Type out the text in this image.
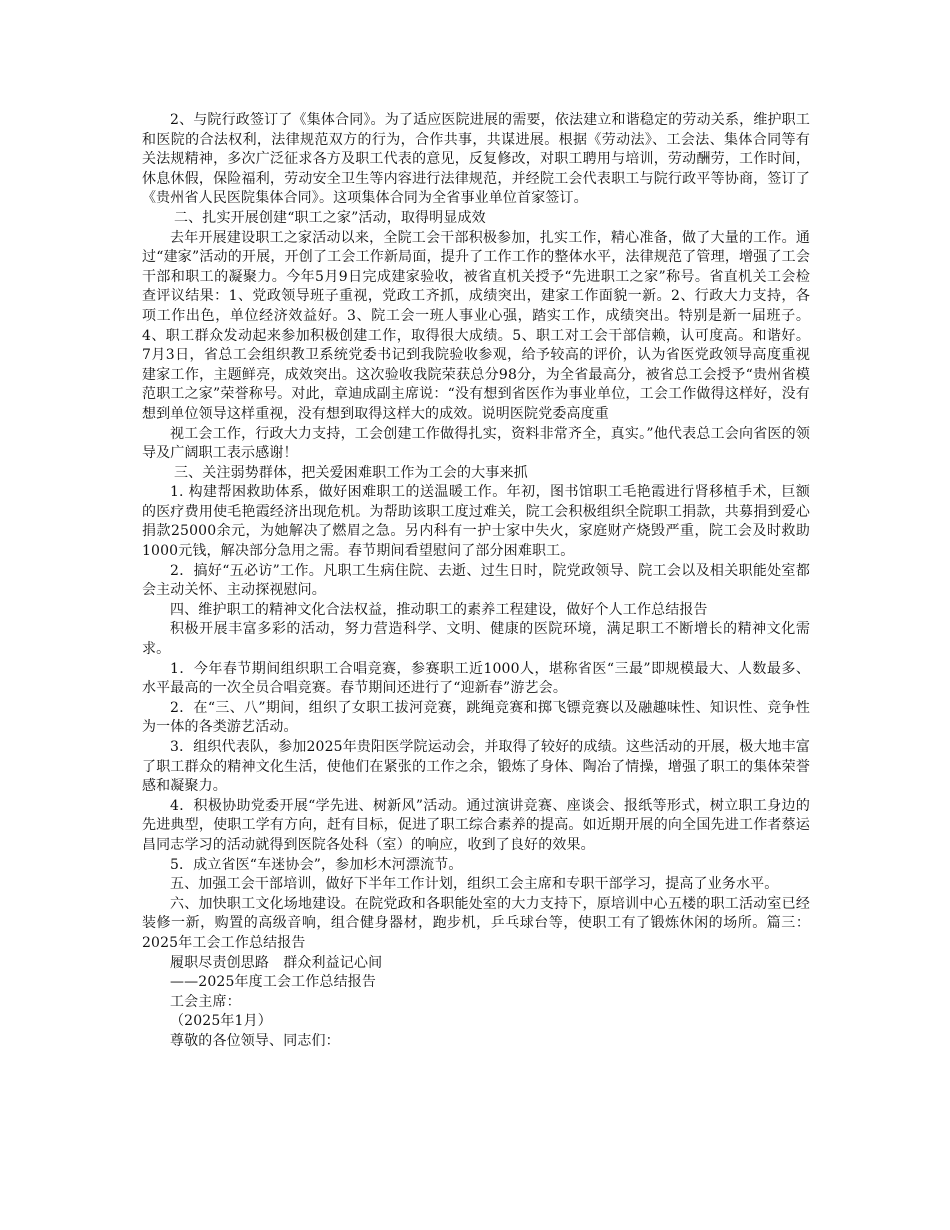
2、与院行政签订了《集体合同》。为了适应医院进展的需要，依法建立和谐稳定的劳动关系，维护职工和医院的合法权利，法律规范双方的行为，合作共事，共谋进展。根据《劳动法》、工会法、集体合同等有关法规精神，多次广泛征求各方及职工代表的意见，反复修改，对职工聘用与培训，劳动酬劳，工作时间，休息休假，保险福利，劳动安全卫生等内容进行法律规范，并经院工会代表职工与院行政平等协商，签订了《贵州省人民医院集体合同》。这项集体合同为全省事业单位首家签订。

二、扎实开展创建“职工之家”活动，取得明显成效

去年开展建设职工之家活动以来，全院工会干部积极参加，扎实工作，精心准备，做了大量的工作。通过“建家”活动的开展，开创了工会工作新局面，提升了工作工作的整体水平，法律规范了管理，增强了工会干部和职工的凝聚力。今年5月9日完成建家验收，被省直机关授予“先进职工之家”称号。省直机关工会检查评议结果：1、党政领导班子重视，党政工齐抓，成绩突出，建家工作面貌一新。2、行政大力支持，各项工作出色，单位经济效益好。3、院工会一班人事业心强，踏实工作，成绩突出。特别是新一届班子。4、职工群众发动起来参加积极创建工作，取得很大成绩。5、职工对工会干部信赖，认可度高。和谐好。 7月3日，省总工会组织教卫系统党委书记到我院验收参观，给予较高的评价，认为省医党政领导高度重视建家工作，主题鲜亮，成效突出。这次验收我院荣获总分98分，为全省最高分，被省总工会授予“贵州省模范职工之家”荣誉称号。对此，章迪成副主席说：“没有想到省医作为事业单位，工会工作做得这样好，没有想到单位领导这样重视，没有想到取得这样大的成效。说明医院党委高度重

视工会工作，行政大力支持，工会创建工作做得扎实，资料非常齐全，真实。”他代表总工会向省医的领导及广阔职工表示感谢！

三、关注弱势群体，把关爱困难职工作为工会的大事来抓

1. 构建帮困救助体系，做好困难职工的送温暖工作。年初，图书馆职工毛艳霞进行肾移植手术，巨额的医疗费用使毛艳霞经济出现危机。为帮助该职工度过难关，院工会积极组织全院职工捐款，共募捐到爱心捐款25000余元，为她解决了燃眉之急。另内科有一护士家中失火，家庭财产烧毁严重，院工会及时救助1000元钱，解决部分急用之需。春节期间看望慰问了部分困难职工。

2．搞好“五必访”工作。凡职工生病住院、去逝、过生日时，院党政领导、院工会以及相关职能处室都会主动关怀、主动探视慰问。

四、维护职工的精神文化合法权益，推动职工的素养工程建设，做好个人工作总结报告

积极开展丰富多彩的活动，努力营造科学、文明、健康的医院环境，满足职工不断增长的精神文化需求。

1．今年春节期间组织职工合唱竞赛，参赛职工近1000人，堪称省医“三最”即规模最大、人数最多、水平最高的一次全员合唱竞赛。春节期间还进行了“迎新春”游艺会。

2．在“三、八”期间，组织了女职工拔河竞赛，跳绳竞赛和掷飞镖竞赛以及融趣味性、知识性、竞争性为一体的各类游艺活动。

3．组织代表队，参加2025年贵阳医学院运动会，并取得了较好的成绩。这些活动的开展，极大地丰富了职工群众的精神文化生活，使他们在紧张的工作之余，锻炼了身体、陶冶了情操，增强了职工的集体荣誉感和凝聚力。

4．积极协助党委开展“学先进、树新风”活动。通过演讲竞赛、座谈会、报纸等形式，树立职工身边的先进典型，使职工学有方向，赶有目标，促进了职工综合素养的提高。如近期开展的向全国先进工作者蔡运昌同志学习的活动就得到医院各处科（室）的响应，收到了良好的效果。

5．成立省医“车迷协会”，参加杉木河漂流节。

五、加强工会干部培训，做好下半年工作计划，组织工会主席和专职干部学习，提高了业务水平。

六、加快职工文化场地建设。在院党政和各职能处室的大力支持下，原培训中心五楼的职工活动室已经装修一新，购置的高级音响，组合健身器材，跑步机，乒乓球台等，使职工有了锻炼休闲的场所。篇三：2025年工会工作总结报告

履职尽责创思路　群众利益记心间

——2025年度工会工作总结报告

工会主席：

（2025年1月）

尊敬的各位领导、同志们：
